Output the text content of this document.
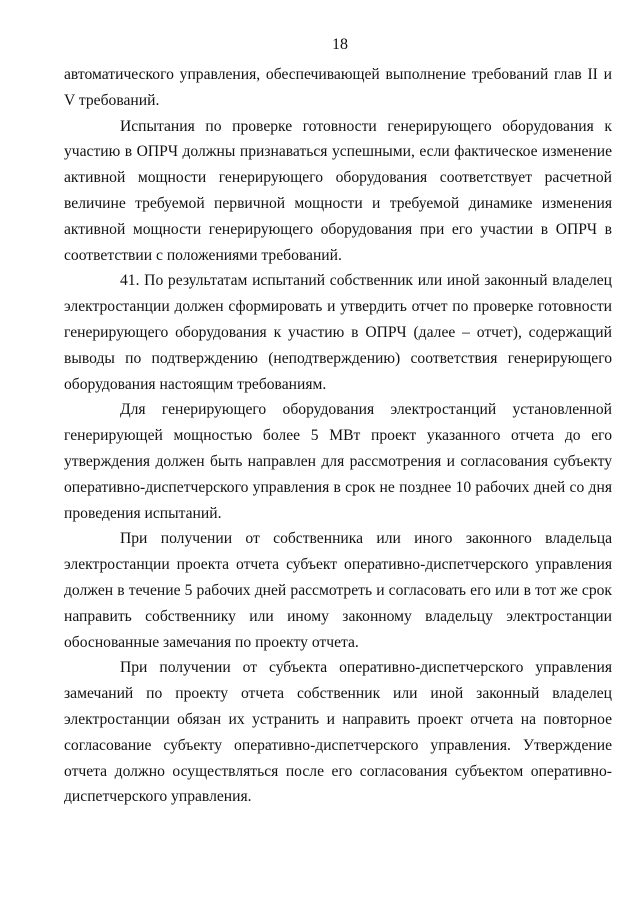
18

автоматического управления, обеспечивающей выполнение требований глав II и V требований.

Испытания по проверке готовности генерирующего оборудования к участию в ОПРЧ должны признаваться успешными, если фактическое изменение активной мощности генерирующего оборудования соответствует расчетной величине требуемой первичной мощности и требуемой динамике изменения активной мощности генерирующего оборудования при его участии в ОПРЧ в соответствии с положениями требований.

41. По результатам испытаний собственник или иной законный владелец электростанции должен сформировать и утвердить отчет по проверке готовности генерирующего оборудования к участию в ОПРЧ (далее – отчет), содержащий выводы по подтверждению (неподтверждению) соответствия генерирующего оборудования настоящим требованиям.

Для генерирующего оборудования электростанций установленной генерирующей мощностью более 5 МВт проект указанного отчета до его утверждения должен быть направлен для рассмотрения и согласования субъекту оперативно-диспетчерского управления в срок не позднее 10 рабочих дней со дня проведения испытаний.

При получении от собственника или иного законного владельца электростанции проекта отчета субъект оперативно-диспетчерского управления должен в течение 5 рабочих дней рассмотреть и согласовать его или в тот же срок направить собственнику или иному законному владельцу электростанции обоснованные замечания по проекту отчета.

При получении от субъекта оперативно-диспетчерского управления замечаний по проекту отчета собственник или иной законный владелец электростанции обязан их устранить и направить проект отчета на повторное согласование субъекту оперативно-диспетчерского управления. Утверждение отчета должно осуществляться после его согласования субъектом оперативно-диспетчерского управления.
